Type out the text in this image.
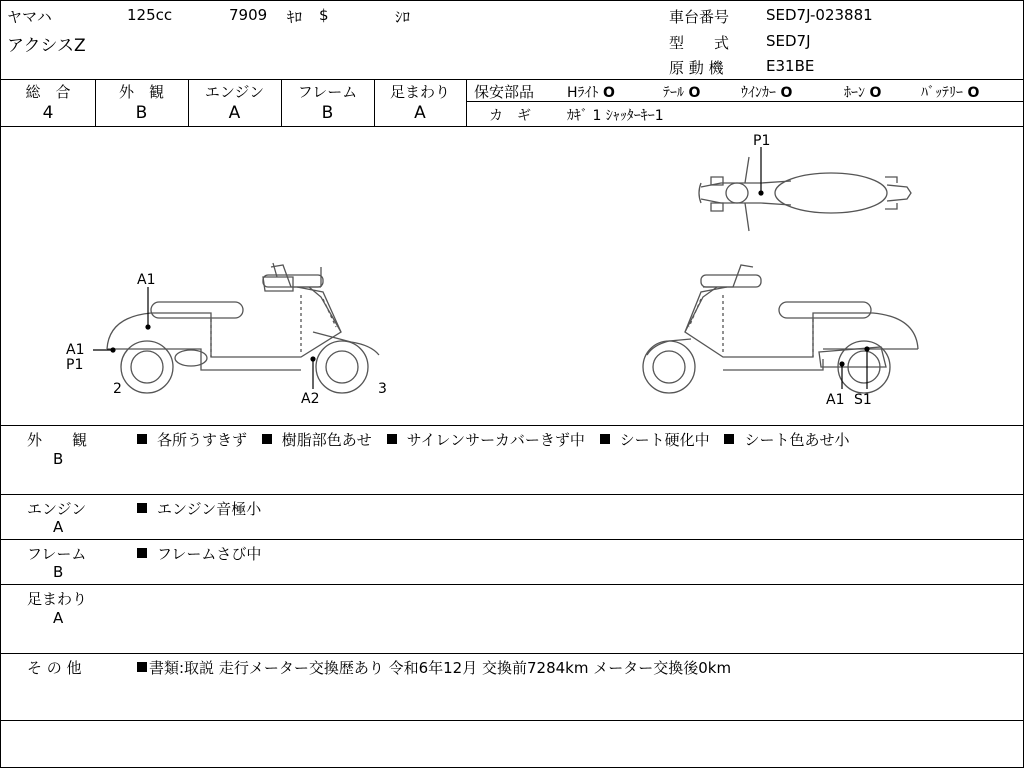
ヤマハ	125cc	7909 ｷﾛ $	ｼﾛ
アクシスZ
車台番号 SED7J-023881
型　　式 SED7J
原 動 機	E31BE
総　合
4
外　観
B
エンジン
A
フレーム
B
足まわり
A
保安部品 Hﾗｲﾄ O	ﾃｰﾙ O	ｳｲﾝｶｰ O	ﾎｰﾝ O	ﾊﾞｯﾃﾘｰ O
カ　ギ	ｶｷﾞ 1 ｼｬｯﾀｰｷｰ1
A1
A1
P1
2	3
A2
P1
A1 S1
外　　観
B
各所うすきず 樹脂部色あせ サイレンサーカバーきず中 シート硬化中 シート色あせ小
エンジン
A
エンジン音極小
フレーム
B
フレームさび中
足まわり
A
そ の 他	書類:取説 走行メーター交換歴あり 令和6年12月 交換前7284km メーター交換後0km
